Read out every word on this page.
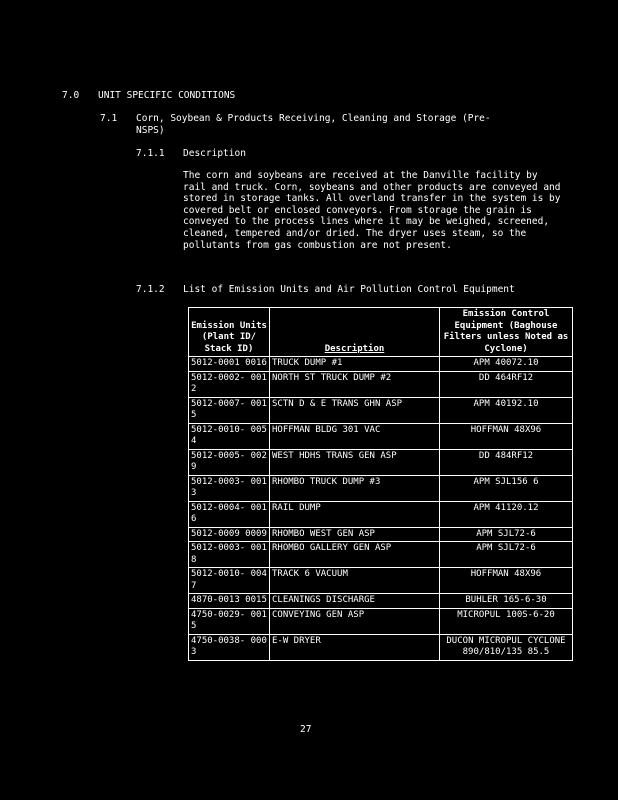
7.0 UNIT SPECIFIC CONDITIONS
7.1 Corn, Soybean & Products Receiving, Cleaning and Storage (Pre-NSPS)
7.1.1 Description
The corn and soybeans are received at the Danville facility by rail and truck. Corn, soybeans and other products are conveyed and stored in storage tanks. All overland transfer in the system is by covered belt or enclosed conveyors. From storage the grain is conveyed to the process lines where it may be weighed, screened, cleaned, tempered and/or dried. The dryer uses steam, so the pollutants from gas combustion are not present.
7.1.2 List of Emission Units and Air Pollution Control Equipment
Emission Units (Plant ID/ Stack ID)	Description	Emission Control Equipment (Baghouse Filters unless Noted as Cyclone)
5012-0001 0016	TRUCK DUMP #1	APM 40072.10
5012-0002- 0012	NORTH ST TRUCK DUMP #2	DD 464RF12
5012-0007- 0015	SCTN D & E TRANS GHN ASP	APM 40192.10
5012-0010- 0054	HOFFMAN BLDG 301 VAC	HOFFMAN 48X96
5012-0005- 0029	WEST HDHS TRANS GEN ASP	DD 484RF12
5012-0003- 0013	RHOMBO TRUCK DUMP #3	APM SJL156 6
5012-0004- 0016	RAIL DUMP	APM 41120.12
5012-0009 0009	RHOMBO WEST GEN ASP	APM SJL72-6
5012-0003- 0018	RHOMBO GALLERY GEN ASP	APM SJL72-6
5012-0010- 0047	TRACK 6 VACUUM	HOFFMAN 48X96
4870-0013 0015	CLEANINGS DISCHARGE	BUHLER 165-6-30
4750-0029- 0015	CONVEYING GEN ASP	MICROPUL 100S-6-20
4750-0038- 0003	E-W DRYER	DUCON MICROPUL CYCLONE 890/810/135 85.5
27
